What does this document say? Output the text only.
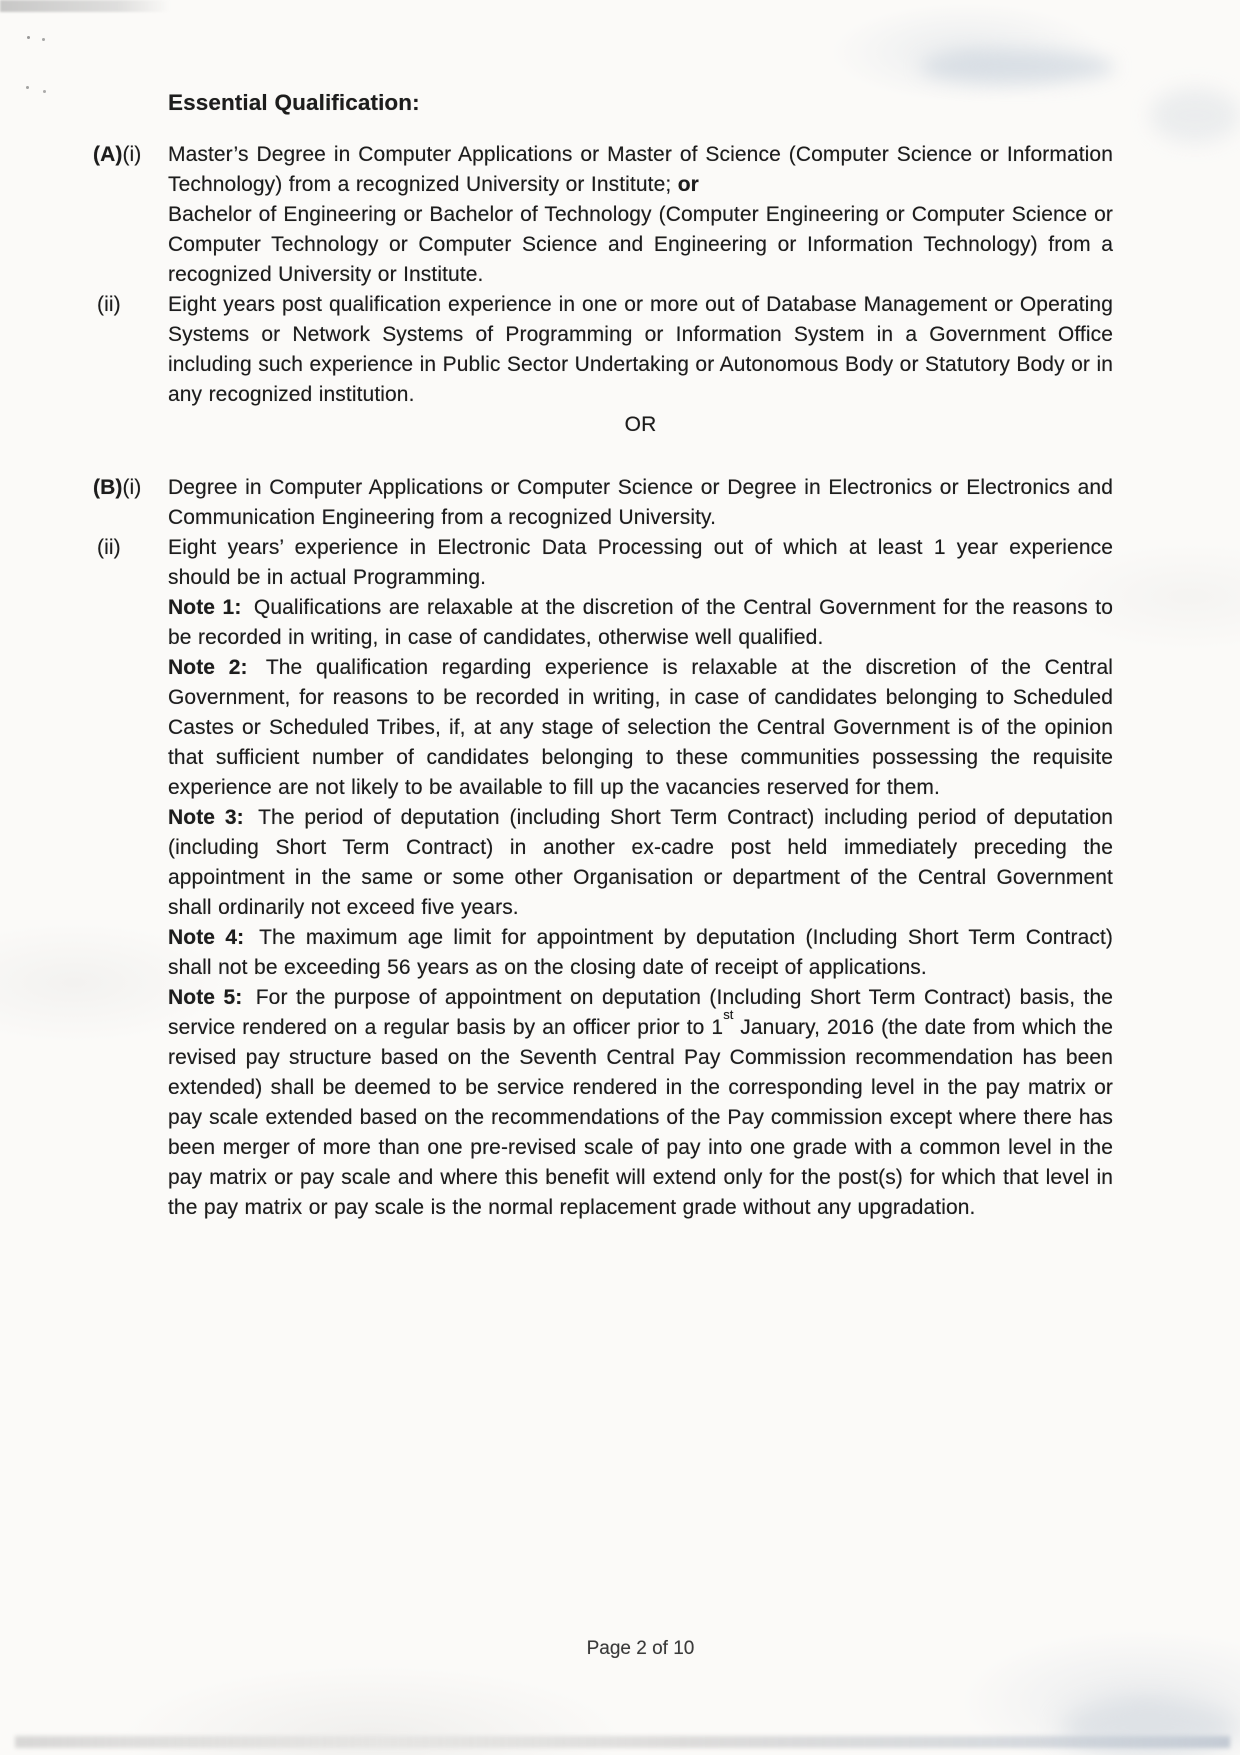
Essential Qualification:

(A)(i) Master’s Degree in Computer Applications or Master of Science (Computer Science or Information Technology) from a recognized University or Institute; or

Bachelor of Engineering or Bachelor of Technology (Computer Engineering or Computer Science or Computer Technology or Computer Science and Engineering or Information Technology) from a recognized University or Institute.

(ii) Eight years post qualification experience in one or more out of Database Management or Operating Systems or Network Systems of Programming or Information System in a Government Office including such experience in Public Sector Undertaking or Autonomous Body or Statutory Body or in any recognized institution.

OR

(B)(i) Degree in Computer Applications or Computer Science or Degree in Electronics or Electronics and Communication Engineering from a recognized University.

(ii) Eight years’ experience in Electronic Data Processing out of which at least 1 year experience should be in actual Programming.

Note 1: Qualifications are relaxable at the discretion of the Central Government for the reasons to be recorded in writing, in case of candidates, otherwise well qualified.

Note 2: The qualification regarding experience is relaxable at the discretion of the Central Government, for reasons to be recorded in writing, in case of candidates belonging to Scheduled Castes or Scheduled Tribes, if, at any stage of selection the Central Government is of the opinion that sufficient number of candidates belonging to these communities possessing the requisite experience are not likely to be available to fill up the vacancies reserved for them.

Note 3: The period of deputation (including Short Term Contract) including period of deputation (including Short Term Contract) in another ex-cadre post held immediately preceding the appointment in the same or some other Organisation or department of the Central Government shall ordinarily not exceed five years.

Note 4: The maximum age limit for appointment by deputation (Including Short Term Contract) shall not be exceeding 56 years as on the closing date of receipt of applications.

Note 5: For the purpose of appointment on deputation (Including Short Term Contract) basis, the service rendered on a regular basis by an officer prior to 1st January, 2016 (the date from which the revised pay structure based on the Seventh Central Pay Commission recommendation has been extended) shall be deemed to be service rendered in the corresponding level in the pay matrix or pay scale extended based on the recommendations of the Pay commission except where there has been merger of more than one pre-revised scale of pay into one grade with a common level in the pay matrix or pay scale and where this benefit will extend only for the post(s) for which that level in the pay matrix or pay scale is the normal replacement grade without any upgradation.

Page 2 of 10
